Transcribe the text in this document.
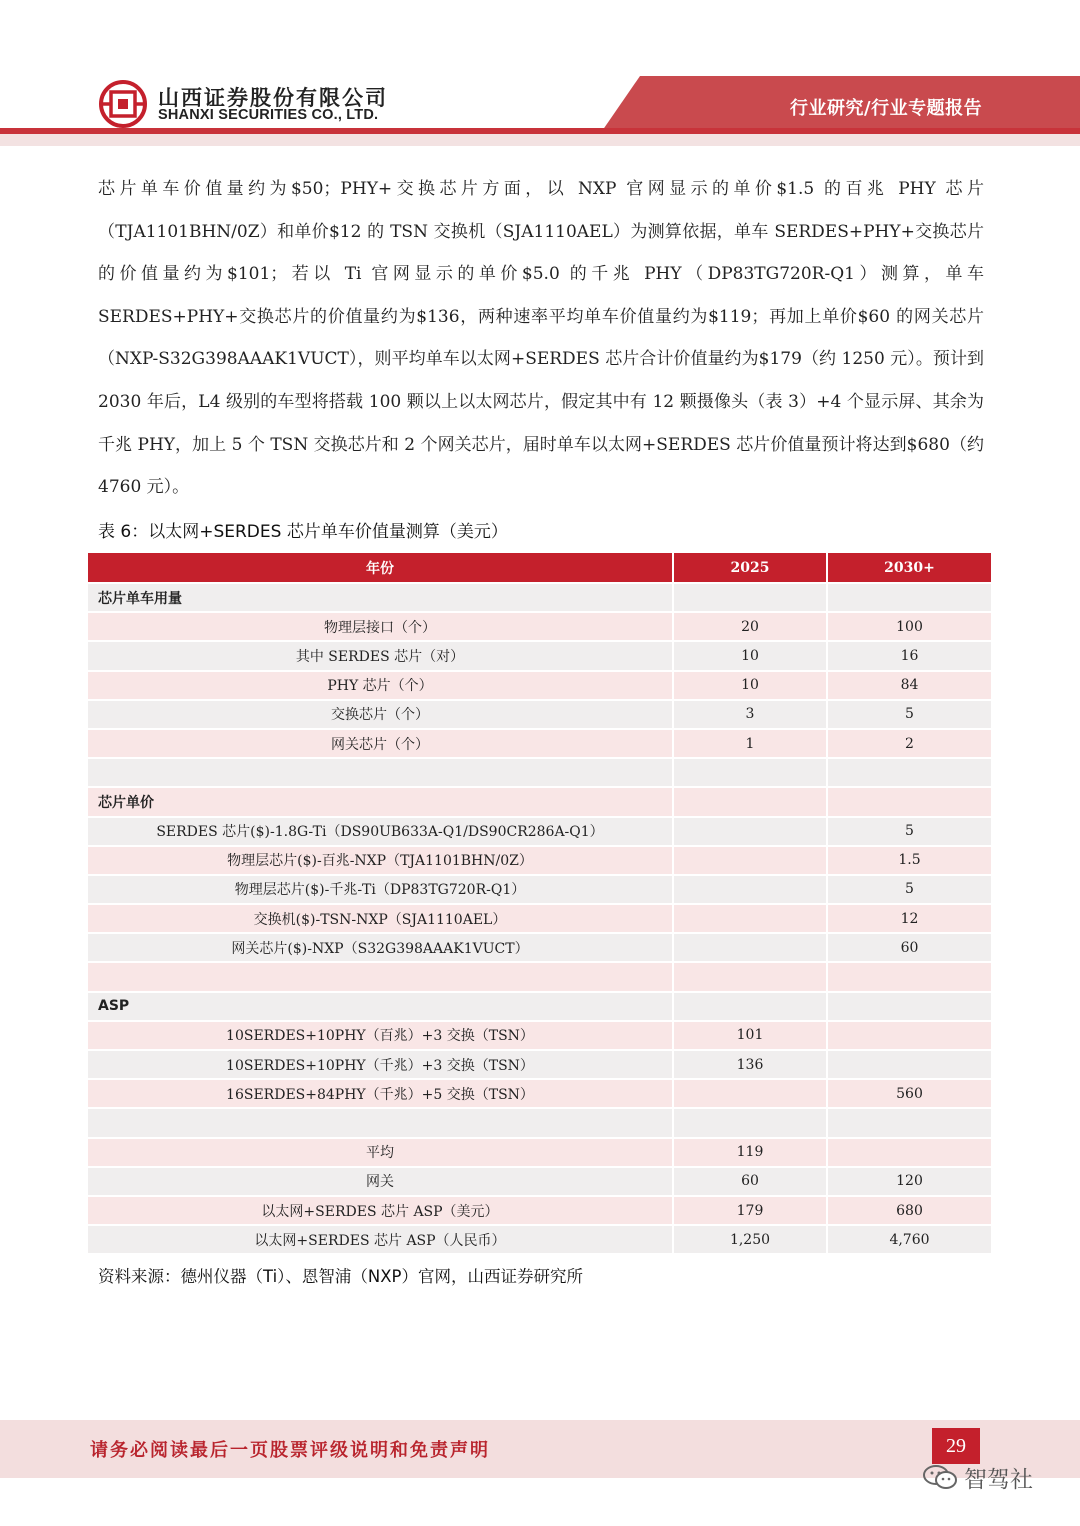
山西证券股份有限公司
SHANXI SECURITIES CO., LTD.	行业研究/行业专题报告
芯片单车价值量约为$50；PHY+交换芯片方面，以 NXP 官网显示的单价$1.5 的百兆 PHY 芯片（TJA1101BHN/0Z）和单价$12 的 TSN 交换机（SJA1110AEL）为测算依据，单车 SERDES+PHY+交换芯片的价值量约为$101；若以 Ti 官网显示的单价$5.0 的千兆 PHY（DP83TG720R-Q1）测算，单车 SERDES+PHY+交换芯片的价值量约为$136，两种速率平均单车价值量约为$119；再加上单价$60 的网关芯片（NXP-S32G398AAAK1VUCT），则平均单车以太网+SERDES 芯片合计价值量约为$179（约 1250 元）。预计到 2030 年后，L4 级别的车型将搭载 100 颗以上以太网芯片，假定其中有 12 颗摄像头（表 3）+4 个显示屏、其余为千兆 PHY，加上 5 个 TSN 交换芯片和 2 个网关芯片，届时单车以太网+SERDES 芯片价值量预计将达到$680（约 4760 元）。
表 6：以太网+SERDES 芯片单车价值量测算（美元）
年份	2025	2030+
芯片单车用量		
物理层接口（个）	20	100
其中 SERDES 芯片（对）	10	16
PHY 芯片（个）	10	84
交换芯片（个）	3	5
网关芯片（个）	1	2

芯片单价		
SERDES 芯片($)-1.8G-Ti（DS90UB633A-Q1/DS90CR286A-Q1）		5
物理层芯片($)-百兆-NXP（TJA1101BHN/0Z）		1.5
物理层芯片($)-千兆-Ti（DP83TG720R-Q1）		5
交换机($)-TSN-NXP（SJA1110AEL）		12
网关芯片($)-NXP（S32G398AAAK1VUCT）		60

ASP		
10SERDES+10PHY（百兆）+3 交换（TSN）	101	
10SERDES+10PHY（千兆）+3 交换（TSN）	136	
16SERDES+84PHY（千兆）+5 交换（TSN）		560

平均	119	
网关	60	120
以太网+SERDES 芯片 ASP（美元）	179	680
以太网+SERDES 芯片 ASP（人民币）	1,250	4,760
资料来源：德州仪器（Ti）、恩智浦（NXP）官网，山西证券研究所
请务必阅读最后一页股票评级说明和免责声明	29
智驾社
